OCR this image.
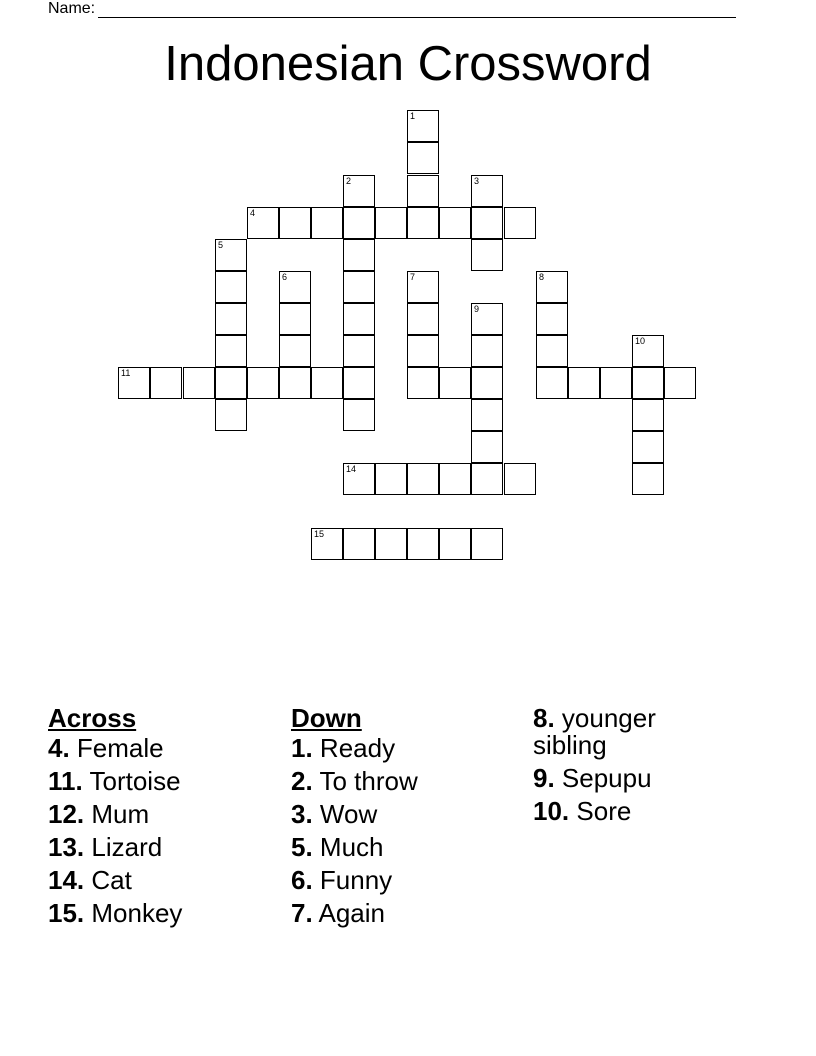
Name:
Indonesian Crossword
1
2	3
4
5
6	7	8
9
10
11
14
15
Across
4. Female
11. Tortoise
12. Mum
13. Lizard
14. Cat
15. Monkey
Down
1. Ready
2. To throw
3. Wow
5. Much
6. Funny
7. Again
8. younger sibling
9. Sepupu
10. Sore
